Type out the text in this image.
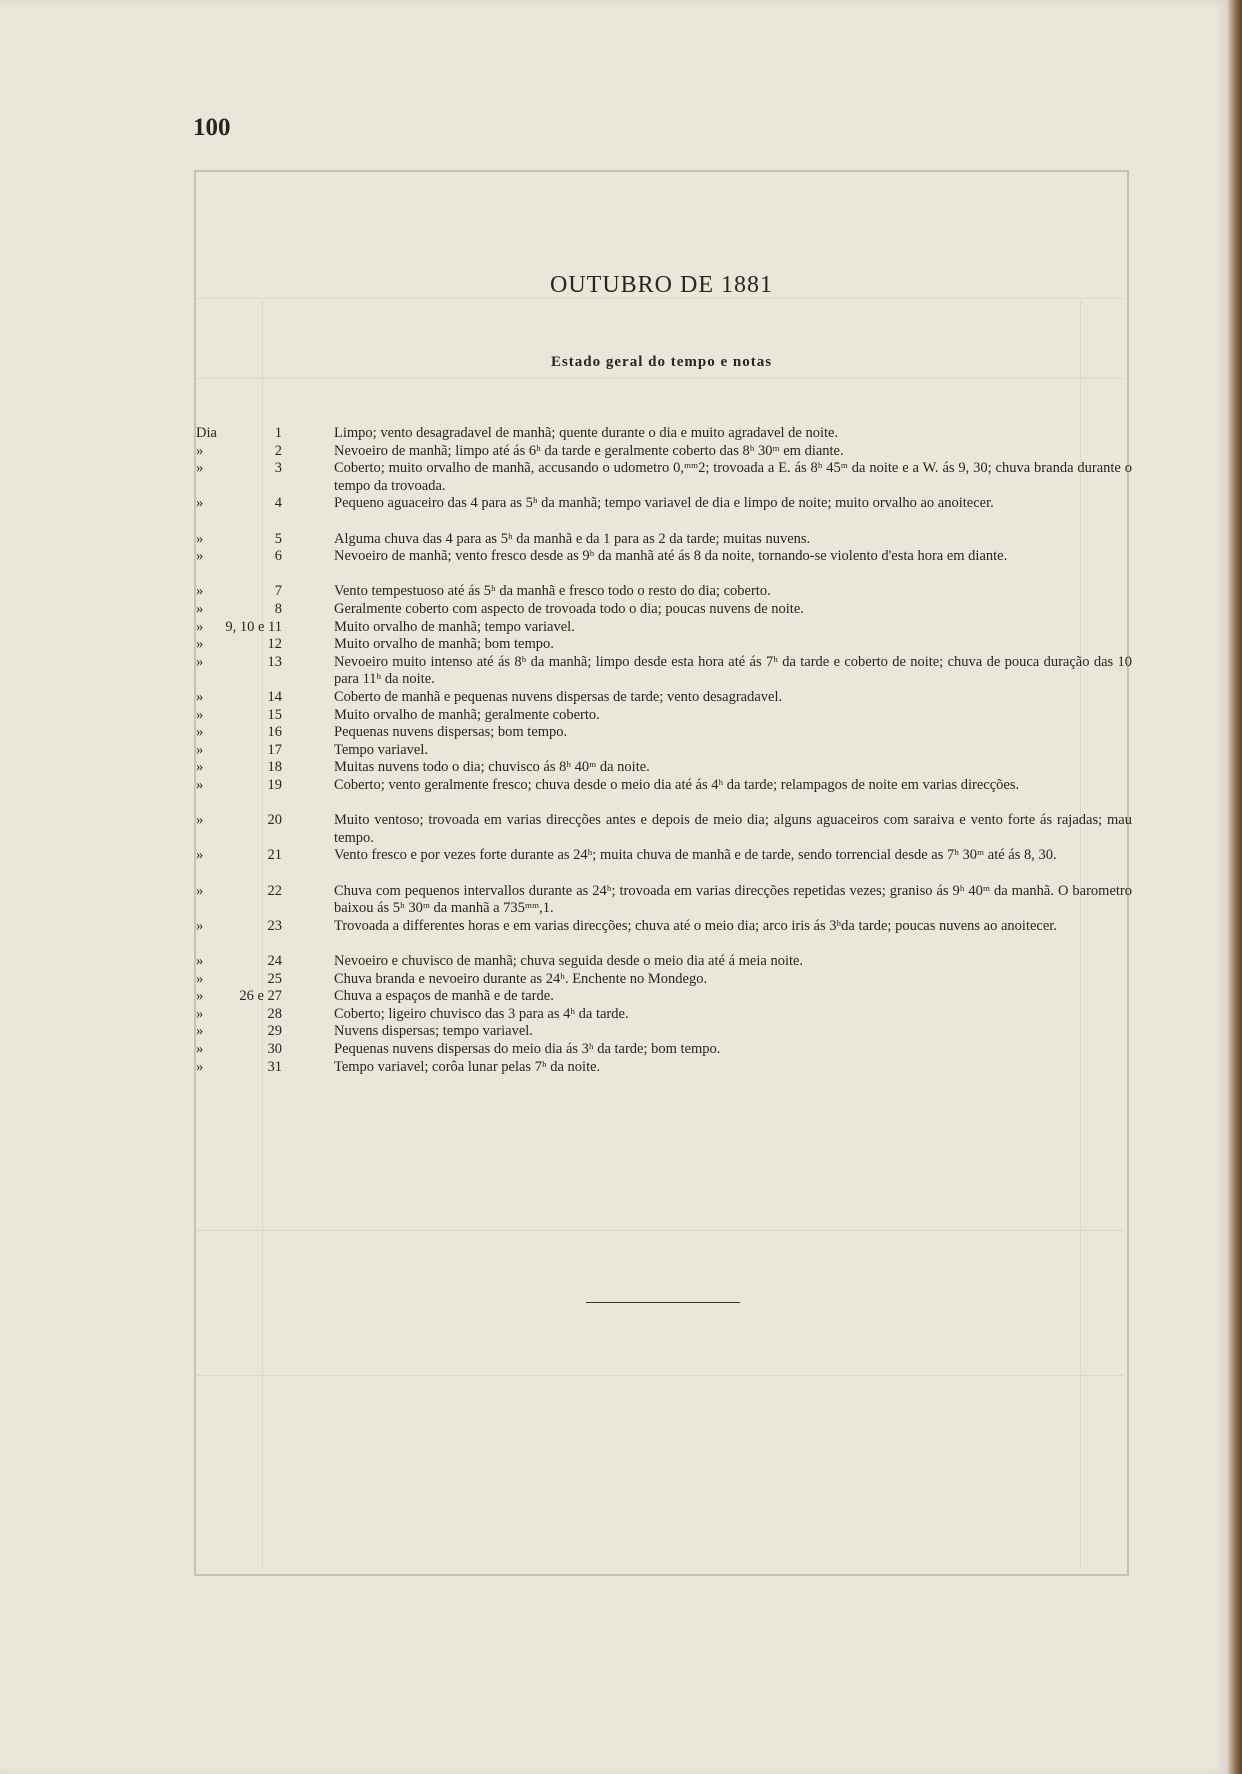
100
OUTUBRO DE 1881
Estado geral do tempo e notas
Dia	1	Limpo; vento desagradavel de manhã; quente durante o dia e muito agradavel de noite.
»	2	Nevoeiro de manhã; limpo até ás 6ʰ da tarde e geralmente coberto das 8ʰ 30ᵐ em diante.
»	3	Coberto; muito orvalho de manhã, accusando o udometro 0,ᵐᵐ2; trovoada a E. ás 8ʰ 45ᵐ da noite e a W. ás 9, 30; chuva branda durante o tempo da trovoada.
»	4	Pequeno aguaceiro das 4 para as 5ʰ da manhã; tempo variavel de dia e limpo de noite; muito orvalho ao anoitecer.
»	5	Alguma chuva das 4 para as 5ʰ da manhã e da 1 para as 2 da tarde; muitas nuvens.
»	6	Nevoeiro de manhã; vento fresco desde as 9ʰ da manhã até ás 8 da noite, tornando-se violento d'esta hora em diante.
»	7	Vento tempestuoso até ás 5ʰ da manhã e fresco todo o resto do dia; coberto.
»	8	Geralmente coberto com aspecto de trovoada todo o dia; poucas nuvens de noite.
»	9, 10 e 11	Muito orvalho de manhã; tempo variavel.
»	12	Muito orvalho de manhã; bom tempo.
»	13	Nevoeiro muito intenso até ás 8ʰ da manhã; limpo desde esta hora até ás 7ʰ da tarde e coberto de noite; chuva de pouca duração das 10 para 11ʰ da noite.
»	14	Coberto de manhã e pequenas nuvens dispersas de tarde; vento desagradavel.
»	15	Muito orvalho de manhã; geralmente coberto.
»	16	Pequenas nuvens dispersas; bom tempo.
»	17	Tempo variavel.
»	18	Muitas nuvens todo o dia; chuvisco ás 8ʰ 40ᵐ da noite.
»	19	Coberto; vento geralmente fresco; chuva desde o meio dia até ás 4ʰ da tarde; relampagos de noite em varias direcções.
»	20	Muito ventoso; trovoada em varias direcções antes e depois de meio dia; alguns aguaceiros com saraiva e vento forte ás rajadas; mau tempo.
»	21	Vento fresco e por vezes forte durante as 24ʰ; muita chuva de manhã e de tarde, sendo torrencial desde as 7ʰ 30ᵐ até ás 8, 30.
»	22	Chuva com pequenos intervallos durante as 24ʰ; trovoada em varias direcções repetidas vezes; graniso ás 9ʰ 40ᵐ da manhã. O barometro baixou ás 5ʰ 30ᵐ da manhã a 735ᵐᵐ,1.
»	23	Trovoada a differentes horas e em varias direcções; chuva até o meio dia; arco iris ás 3ʰda tarde; poucas nuvens ao anoitecer.
»	24	Nevoeiro e chuvisco de manhã; chuva seguida desde o meio dia até á meia noite.
»	25	Chuva branda e nevoeiro durante as 24ʰ. Enchente no Mondego.
»	26 e 27	Chuva a espaços de manhã e de tarde.
»	28	Coberto; ligeiro chuvisco das 3 para as 4ʰ da tarde.
»	29	Nuvens dispersas; tempo variavel.
»	30	Pequenas nuvens dispersas do meio dia ás 3ʰ da tarde; bom tempo.
»	31	Tempo variavel; corôa lunar pelas 7ʰ da noite.
